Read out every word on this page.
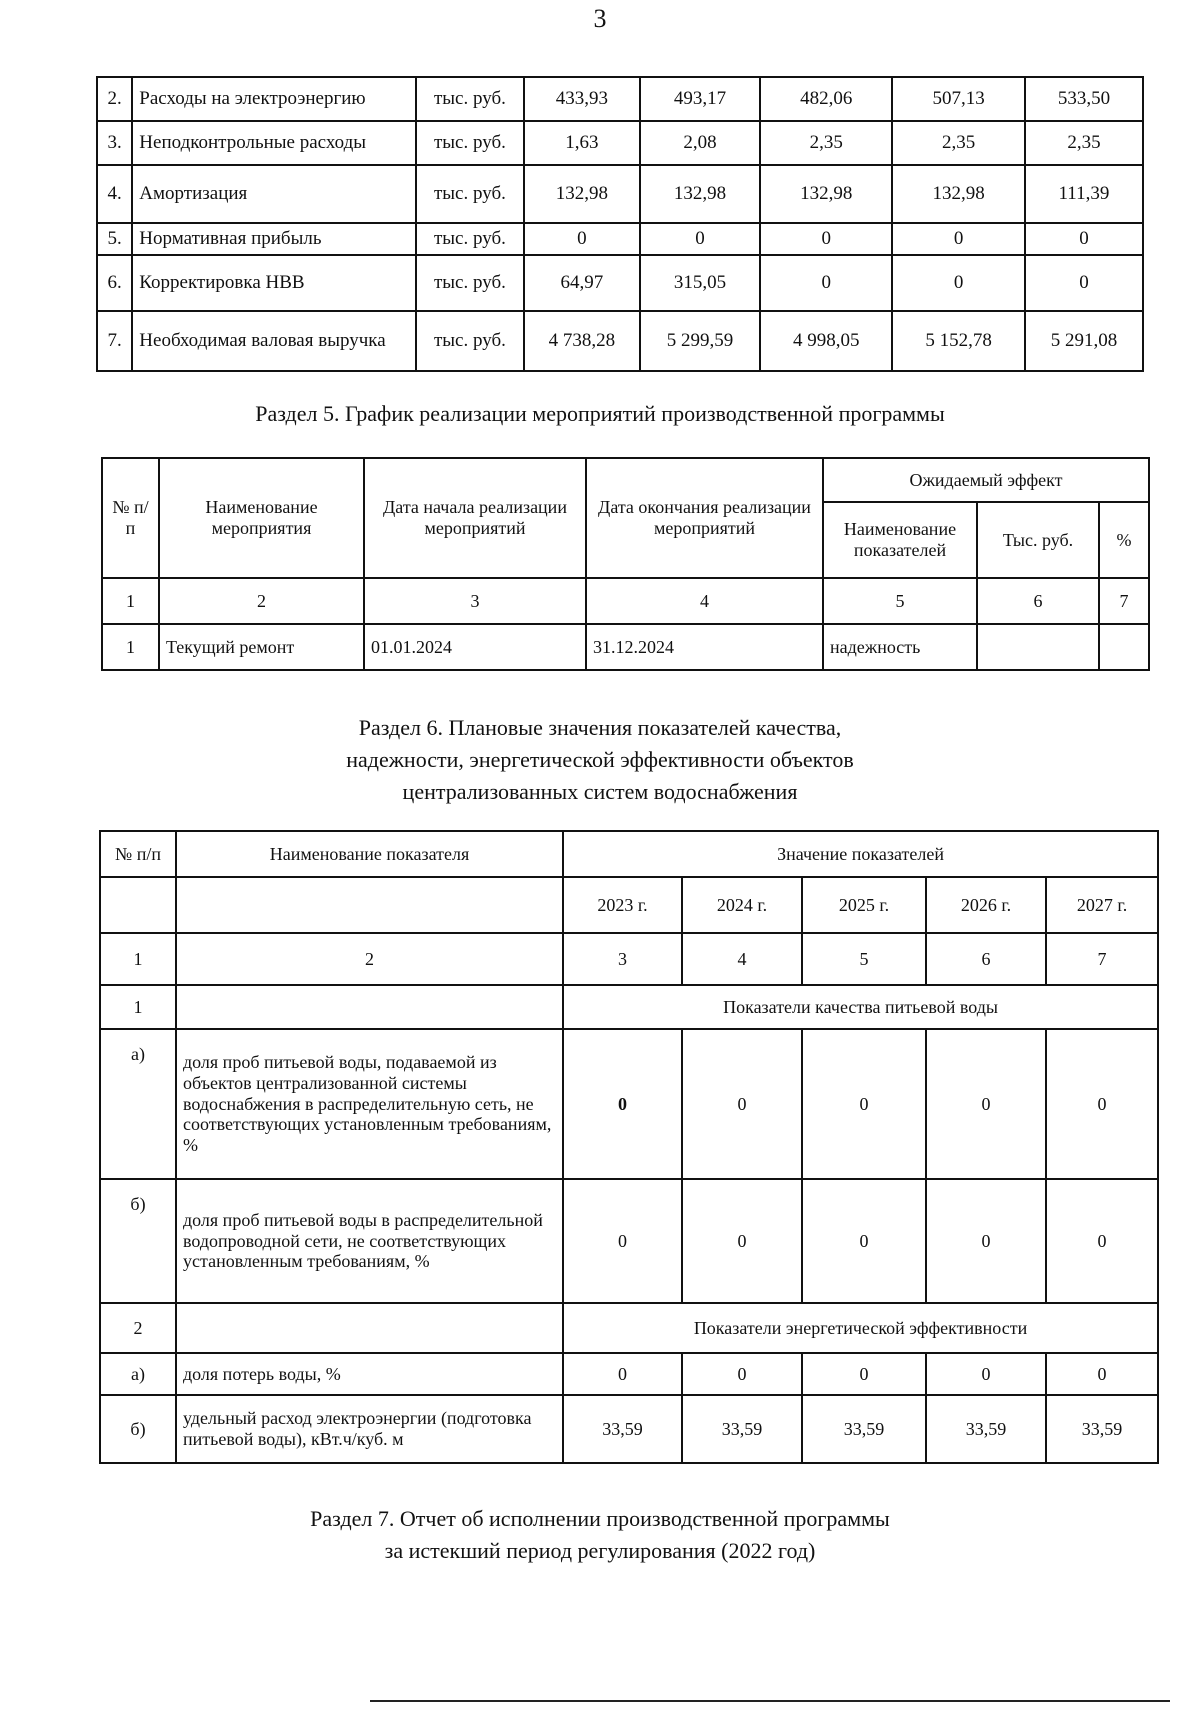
3
2.	Расходы на электроэнергию	тыс. руб.	433,93	493,17	482,06	507,13	533,50
3.	Неподконтрольные расходы	тыс. руб.	1,63	2,08	2,35	2,35	2,35
4.	Амортизация	тыс. руб.	132,98	132,98	132,98	132,98	111,39
5.	Нормативная прибыль	тыс. руб.	0	0	0	0	0
6.	Корректировка НВВ	тыс. руб.	64,97	315,05	0	0	0
7.	Необходимая валовая выручка	тыс. руб.	4 738,28	5 299,59	4 998,05	5 152,78	5 291,08
Раздел 5. График реализации мероприятий производственной программы
№ п/п	Наименование мероприятия	Дата начала реализации мероприятий	Дата окончания реализации мероприятий	Ожидаемый эффект		
				Наименование показателей	Тыс. руб.	%
1	2	3	4	5	6	7
1	Текущий ремонт	01.01.2024	31.12.2024	надежность		
Раздел 6. Плановые значения показателей качества,
надежности, энергетической эффективности объектов
централизованных систем водоснабжения
№ п/п	Наименование показателя	Значение показателей				
		2023 г.	2024 г.	2025 г.	2026 г.	2027 г.
1	2	3	4	5	6	7
1		Показатели качества питьевой воды				
а)	доля проб питьевой воды, подаваемой из объектов централизованной системы водоснабжения в распределительную сеть, не соответствующих установленным требованиям, %	0	0	0	0	0
б)	доля проб питьевой воды в распределительной водопроводной сети, не соответствующих установленным требованиям, %	0	0	0	0	0
2		Показатели энергетической эффективности				
а)	доля потерь воды, %	0	0	0	0	0
б)	удельный расход электроэнергии (подготовка питьевой воды), кВт.ч/куб. м	33,59	33,59	33,59	33,59	33,59
Раздел 7. Отчет об исполнении производственной программы
за истекший период регулирования (2022 год)
